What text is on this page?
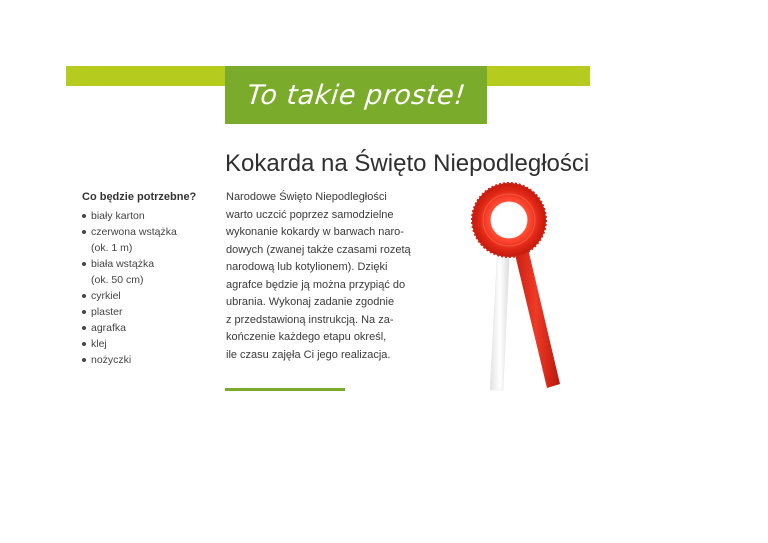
To takie proste!
Kokarda na Święto Niepodległości
Co będzie potrzebne?
biały karton
czerwona wstążka
(ok. 1 m)
biała wstążka
(ok. 50 cm)
cyrkiel
plaster
agrafka
klej
nożyczki
Narodowe Święto Niepodległości
warto uczcić poprzez samodzielne
wykonanie kokardy w barwach naro-
dowych (zwanej także czasami rozetą
narodową lub kotylionem). Dzięki
agrafce będzie ją można przypiąć do
ubrania. Wykonaj zadanie zgodnie
z przedstawioną instrukcją. Na za-
kończenie każdego etapu określ,
ile czasu zajęła Ci jego realizacja.
